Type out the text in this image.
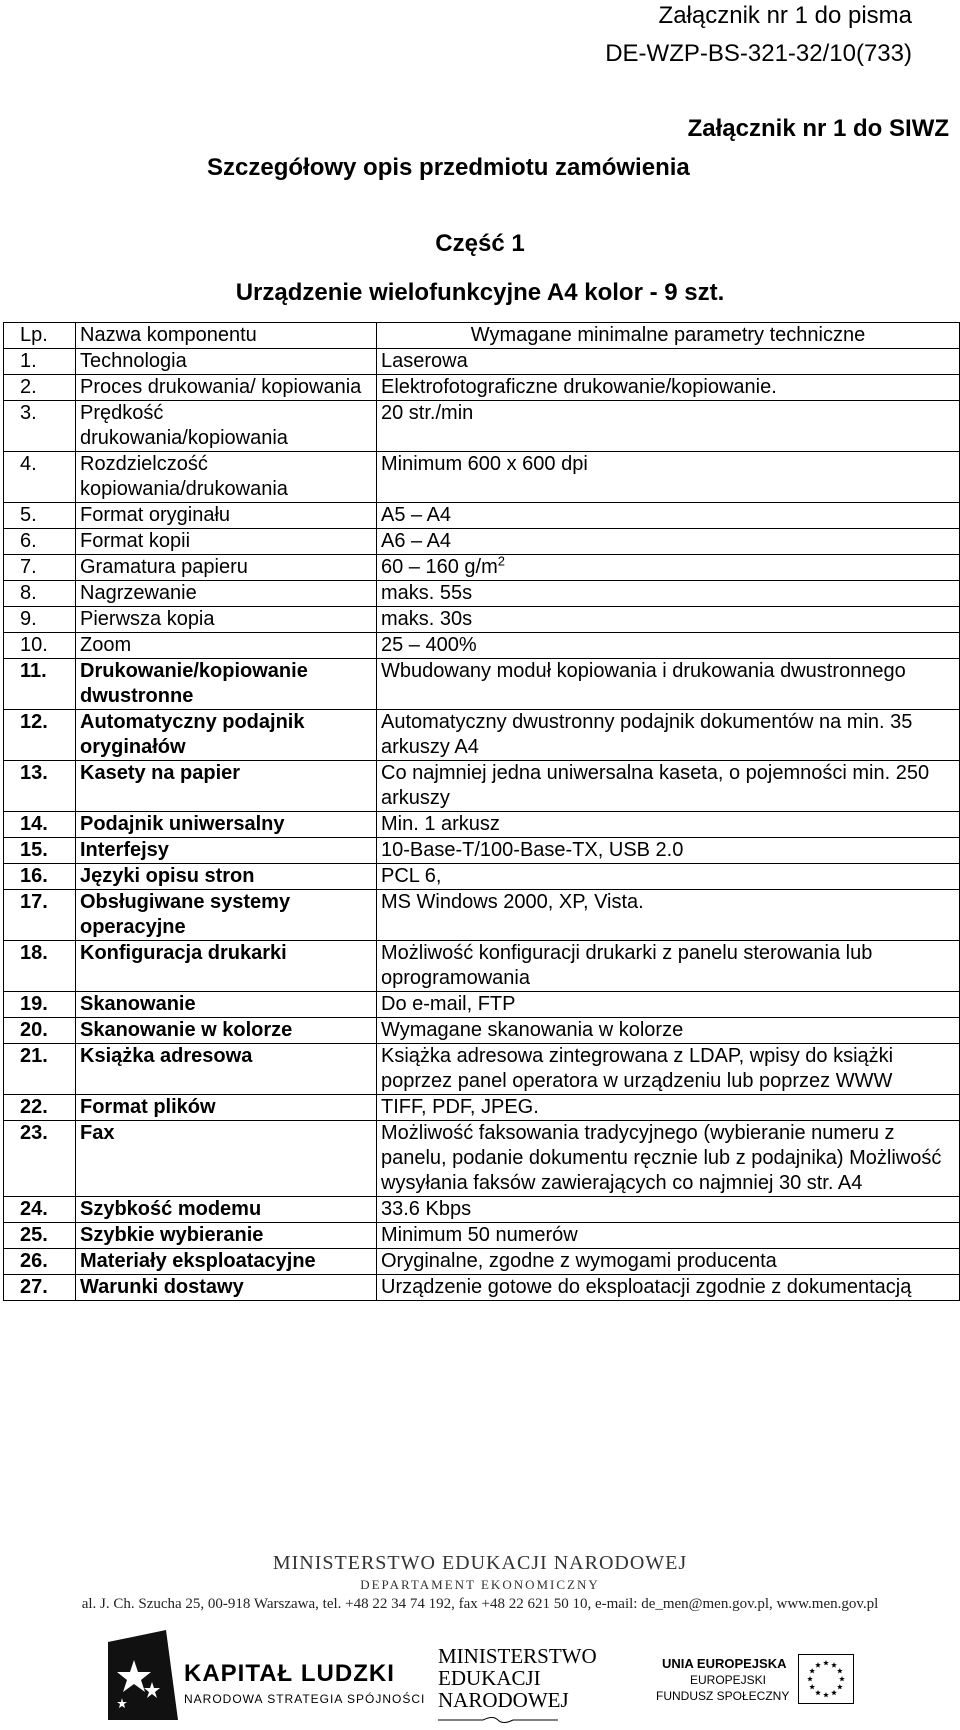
Załącznik nr 1 do pisma
DE-WZP-BS-321-32/10(733)
Załącznik nr 1 do SIWZ
Szczegółowy opis przedmiotu zamówienia
Część 1
Urządzenie wielofunkcyjne A4 kolor - 9 szt.
Lp.	Nazwa komponentu	Wymagane minimalne parametry techniczne
1.	Technologia	Laserowa
2.	Proces drukowania/ kopiowania	Elektrofotograficzne drukowanie/kopiowanie.
3.	Prędkość drukowania/kopiowania	20 str./min
4.	Rozdzielczość kopiowania/drukowania	Minimum 600 x 600 dpi
5.	Format oryginału	A5 – A4
6.	Format kopii	A6 – A4
7.	Gramatura papieru	60 – 160 $g/m^2$
8.	Nagrzewanie	maks. 55s
9.	Pierwsza kopia	maks. 30s
10.	Zoom	25 – 400%
11.	Drukowanie/kopiowanie dwustronne	Wbudowany moduł kopiowania i drukowania dwustronnego
12.	Automatyczny podajnik oryginałów	Automatyczny dwustronny podajnik dokumentów na min. 35 arkuszy A4
13.	Kasety na papier	Co najmniej jedna uniwersalna kaseta, o pojemności min. 250 arkuszy
14.	Podajnik uniwersalny	Min. 1 arkusz
15.	Interfejsy	10-Base-T/100-Base-TX, USB 2.0
16.	Języki opisu stron	PCL 6,
17.	Obsługiwane systemy operacyjne	MS Windows 2000, XP, Vista.
18.	Konfiguracja drukarki	Możliwość konfiguracji drukarki z panelu sterowania lub oprogramowania
19.	Skanowanie	Do e-mail, FTP
20.	Skanowanie w kolorze	Wymagane skanowania w kolorze
21.	Książka adresowa	Książka adresowa zintegrowana z LDAP, wpisy do książki poprzez panel operatora w urządzeniu lub poprzez WWW
22.	Format plików	TIFF, PDF, JPEG.
23.	Fax	Możliwość faksowania tradycyjnego (wybieranie numeru z panelu, podanie dokumentu ręcznie lub z podajnika) Możliwość wysyłania faksów zawierających co najmniej 30 str. A4
24.	Szybkość modemu	33.6 Kbps
25.	Szybkie wybieranie	Minimum 50 numerów
26.	Materiały eksploatacyjne	Oryginalne, zgodne z wymogami producenta
27.	Warunki dostawy	Urządzenie gotowe do eksploatacji zgodnie z dokumentacją
MINISTERSTWO EDUKACJI NARODOWEJ
DEPARTAMENT EKONOMICZNY
al. J. Ch. Szucha 25, 00-918 Warszawa, tel. +48 22 34 74 192, fax +48 22 621 50 10, e-mail: de_men@men.gov.pl, www.men.gov.pl
KAPITAŁ LUDZKI
NARODOWA STRATEGIA SPÓJNOŚCI
MINISTERSTWO
EDUKACJI
NARODOWEJ
UNIA EUROPEJSKA
EUROPEJSKI
FUNDUSZ SPOŁECZNY
